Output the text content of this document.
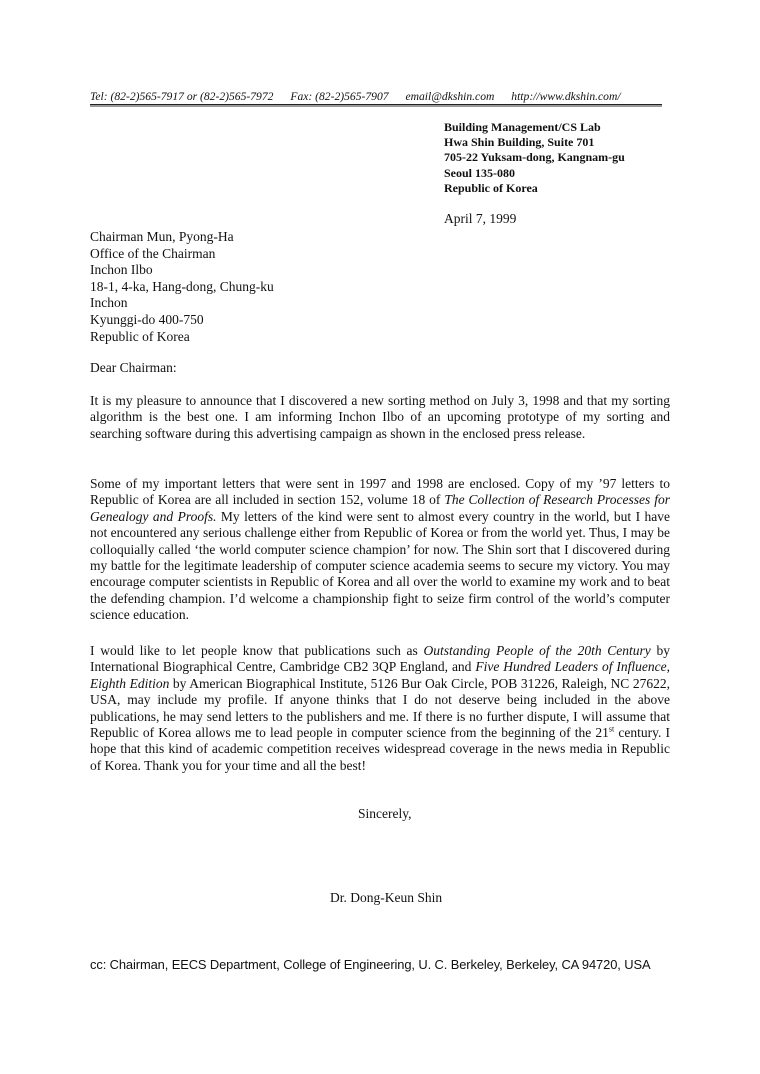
Tel: (82-2)565-7917 or (82-2)565-7972 Fax: (82-2)565-7907 email@dkshin.com http://www.dkshin.com/
Building Management/CS Lab
Hwa Shin Building, Suite 701
705-22 Yuksam-dong, Kangnam-gu
Seoul 135-080
Republic of Korea
April 7, 1999
Chairman Mun, Pyong-Ha
Office of the Chairman
Inchon Ilbo
18-1, 4-ka, Hang-dong, Chung-ku
Inchon
Kyunggi-do 400-750
Republic of Korea
Dear Chairman:
It is my pleasure to announce that I discovered a new sorting method on July 3, 1998 and that my sorting algorithm is the best one. I am informing Inchon Ilbo of an upcoming prototype of my sorting and searching software during this advertising campaign as shown in the enclosed press release.
Some of my important letters that were sent in 1997 and 1998 are enclosed. Copy of my ’97 letters to Republic of Korea are all included in section 152, volume 18 of The Collection of Research Processes for Genealogy and Proofs. My letters of the kind were sent to almost every country in the world, but I have not encountered any serious challenge either from Republic of Korea or from the world yet. Thus, I may be colloquially called ‘the world computer science champion’ for now. The Shin sort that I discovered during my battle for the legitimate leadership of computer science academia seems to secure my victory. You may encourage computer scientists in Republic of Korea and all over the world to examine my work and to beat the defending champion. I’d welcome a championship fight to seize firm control of the world’s computer science education.
I would like to let people know that publications such as Outstanding People of the 20th Century by International Biographical Centre, Cambridge CB2 3QP England, and Five Hundred Leaders of Influence, Eighth Edition by American Biographical Institute, 5126 Bur Oak Circle, POB 31226, Raleigh, NC 27622, USA, may include my profile. If anyone thinks that I do not deserve being included in the above publications, he may send letters to the publishers and me. If there is no further dispute, I will assume that Republic of Korea allows me to lead people in computer science from the beginning of the 21st century. I hope that this kind of academic competition receives widespread coverage in the news media in Republic of Korea. Thank you for your time and all the best!
Sincerely,
Dr. Dong-Keun Shin
cc: Chairman, EECS Department, College of Engineering, U. C. Berkeley, Berkeley, CA 94720, USA
